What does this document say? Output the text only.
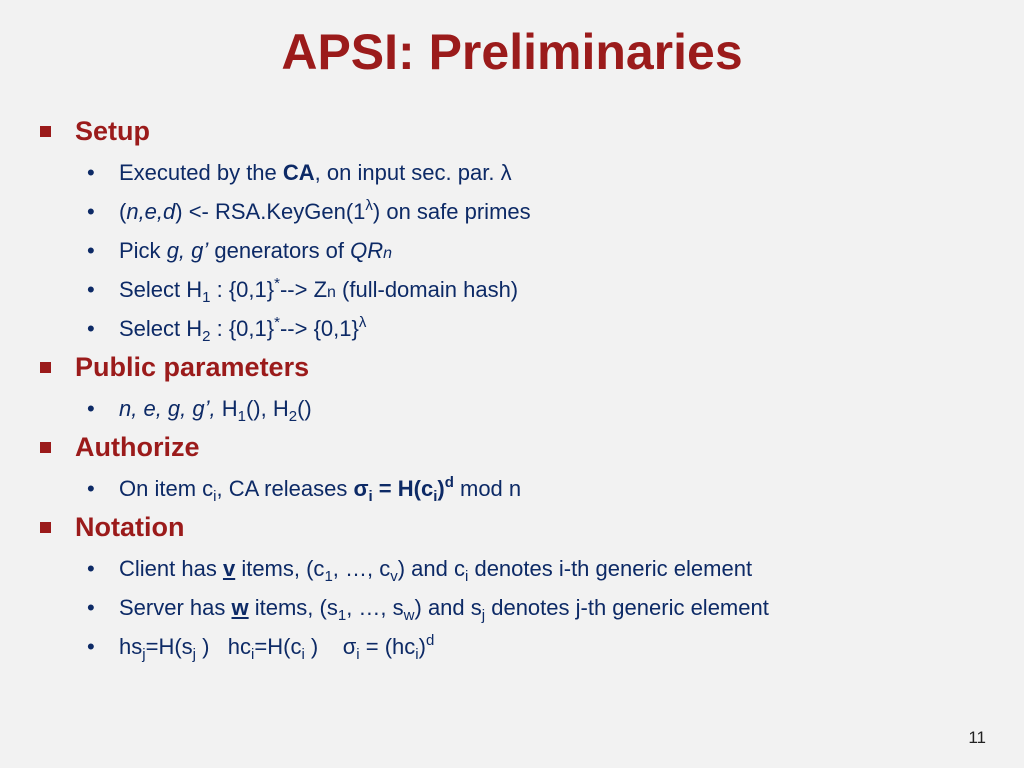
APSI: Preliminaries
Setup
• Executed by the CA, on input sec. par. λ
• $(n,e,d) <- RSA.KeyGen(1^\lambda)$ on safe primes
• Pick g, g’ generators of QRn
• Select $H_1$ : {0,1}*--> Zn (full-domain hash)
• Select $H_2$ : $\{0,1\}^*--> \{0,1\}^\lambda$
Public parameters
• n, e, g, g’, $H_1()$, $H_2()$
Authorize
• On item $c_i$, CA releases $\sigma_i = H(c_i)^d$ mod n
Notation
• Client has v items, ($c_1$, …, $c_v$) and $c_i$ denotes i-th generic element
• Server has w items, ($s_1$, …, $s_w$) and $s_j$ denotes j-th generic element
• $hs_j=H(s_j$ ) $hc_i=H(c_i$ ) $\sigma_i = (hc_i)^d$
11
